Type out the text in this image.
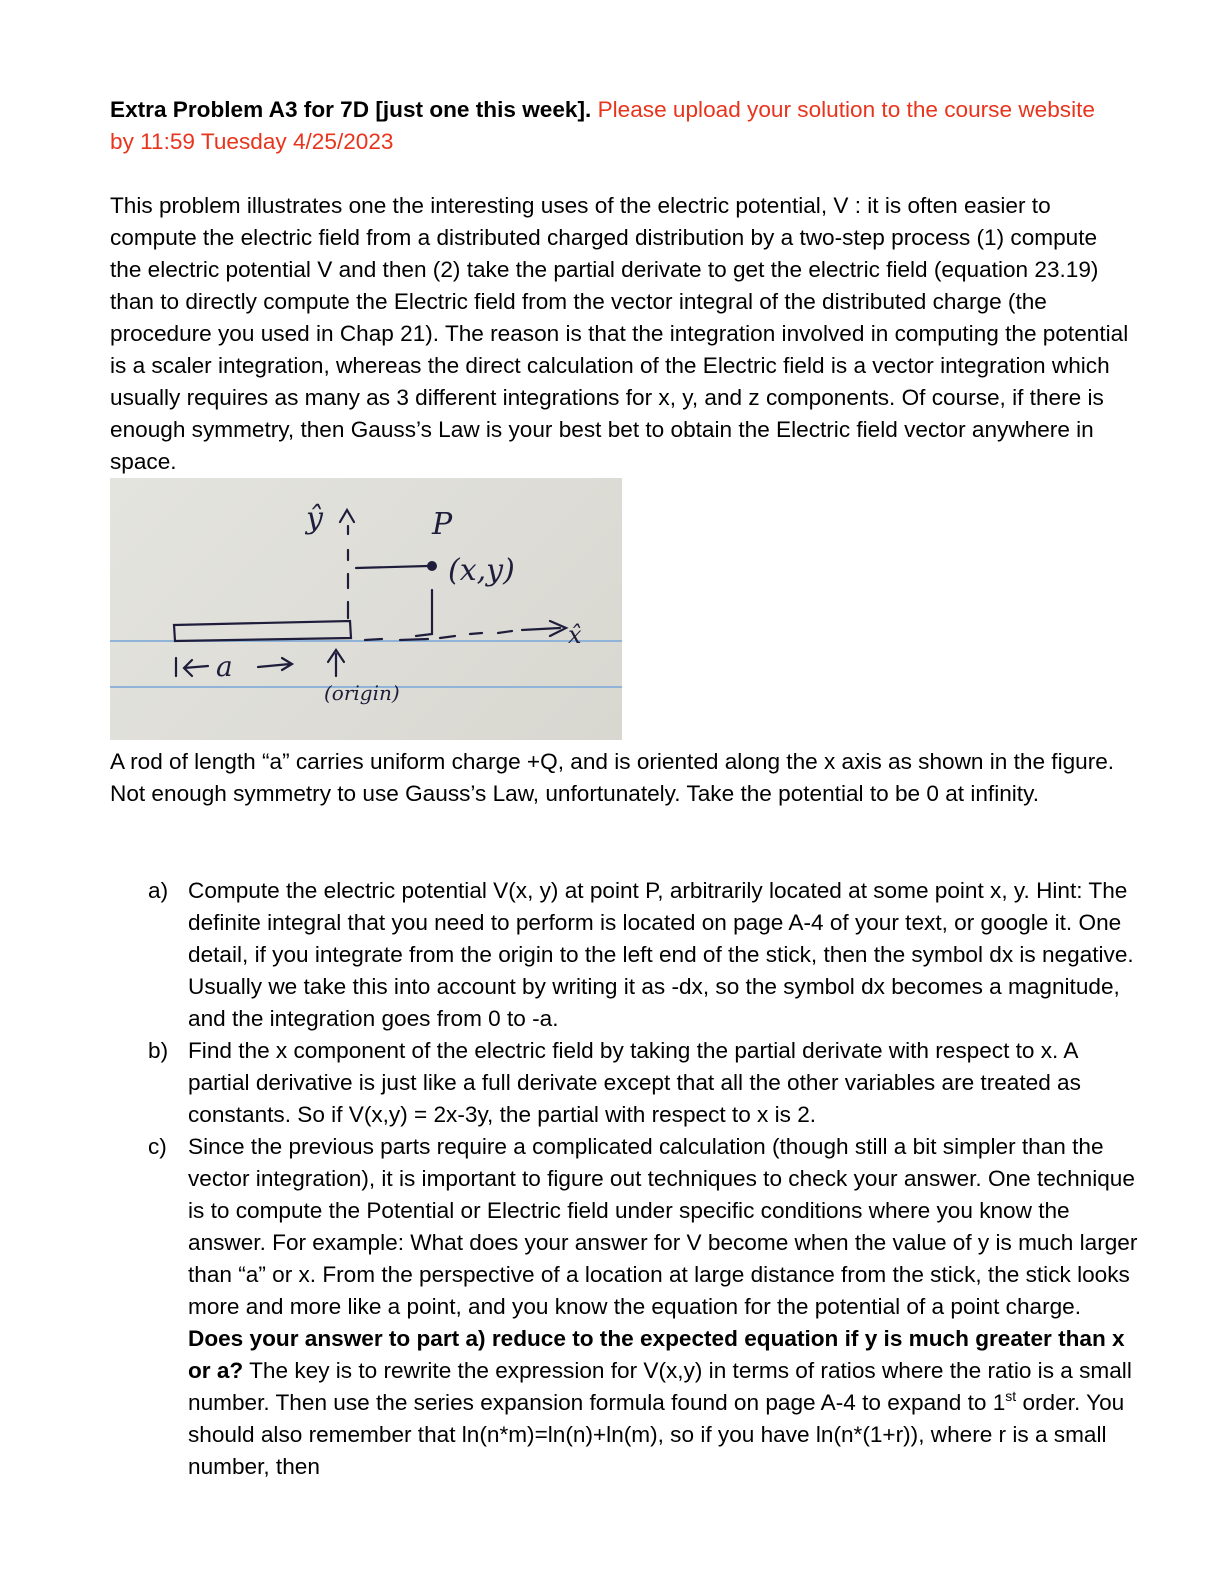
Extra Problem A3 for 7D [just one this week]. Please upload your solution to the course website by 11:59 Tuesday 4/25/2023
This problem illustrates one the interesting uses of the electric potential, V : it is often easier to compute the electric field from a distributed charged distribution by a two-step process (1) compute the electric potential V and then (2) take the partial derivate to get the electric field (equation 23.19) than to directly compute the Electric field from the vector integral of the distributed charge (the procedure you used in Chap 21). The reason is that the integration involved in computing the potential is a scaler integration, whereas the direct calculation of the Electric field is a vector integration which usually requires as many as 3 different integrations for x, y, and z components. Of course, if there is enough symmetry, then Gauss’s Law is your best bet to obtain the Electric field vector anywhere in space.
ŷ
x̂
P
(x,y)
a
(origin)
A rod of length “a” carries uniform charge +Q, and is oriented along the x axis as shown in the figure. Not enough symmetry to use Gauss’s Law, unfortunately. Take the potential to be 0 at infinity.
a) Compute the electric potential V(x, y) at point P, arbitrarily located at some point x, y. Hint: The definite integral that you need to perform is located on page A-4 of your text, or google it. One detail, if you integrate from the origin to the left end of the stick, then the symbol dx is negative. Usually we take this into account by writing it as -dx, so the symbol dx becomes a magnitude, and the integration goes from 0 to -a.
b) Find the x component of the electric field by taking the partial derivate with respect to x. A partial derivative is just like a full derivate except that all the other variables are treated as constants. So if V(x,y) = 2x-3y, the partial with respect to x is 2.
c) Since the previous parts require a complicated calculation (though still a bit simpler than the vector integration), it is important to figure out techniques to check your answer. One technique is to compute the Potential or Electric field under specific conditions where you know the answer. For example: What does your answer for V become when the value of y is much larger than “a” or x. From the perspective of a location at large distance from the stick, the stick looks more and more like a point, and you know the equation for the potential of a point charge. Does your answer to part a) reduce to the expected equation if y is much greater than x or a? The key is to rewrite the expression for V(x,y) in terms of ratios where the ratio is a small number. Then use the series expansion formula found on page A-4 to expand to 1st order. You should also remember that ln(n*m)=ln(n)+ln(m), so if you have ln(n*(1+r)), where r is a small number, then
